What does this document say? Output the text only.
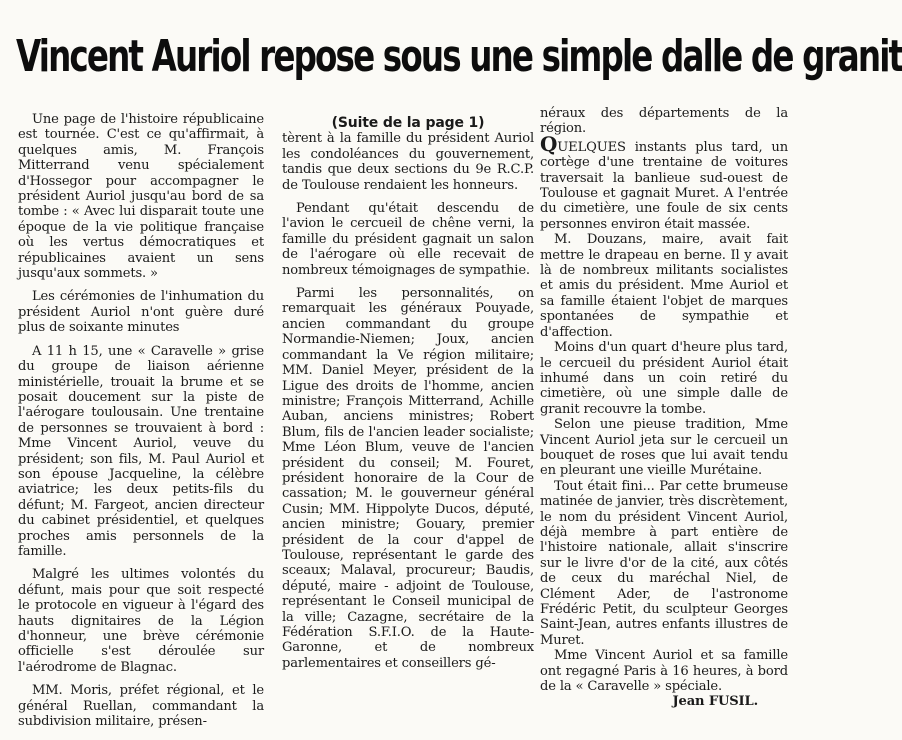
Vincent Auriol repose sous une simple dalle de granit

Une page de l'histoire républicaine est tournée. C'est ce qu'affirmait, à quelques amis, M. François Mitterrand venu spécialement d'Hossegor pour accompagner le président Auriol jusqu'au bord de sa tombe : « Avec lui disparait toute une époque de la vie politique française où les vertus démocratiques et républicaines avaient un sens jusqu'aux sommets. »

Les cérémonies de l'inhumation du président Auriol n'ont guère duré plus de soixante minutes

A 11 h 15, une « Caravelle » grise du groupe de liaison aérienne ministérielle, trouait la brume et se posait doucement sur la piste de l'aérogare toulousain. Une trentaine de personnes se trouvaient à bord : Mme Vincent Auriol, veuve du président; son fils, M. Paul Auriol et son épouse Jacqueline, la célèbre aviatrice; les deux petits-fils du défunt; M. Fargeot, ancien directeur du cabinet présidentiel, et quelques proches amis personnels de la famille.

Malgré les ultimes volontés du défunt, mais pour que soit respecté le protocole en vigueur à l'égard des hauts dignitaires de la Légion d'honneur, une brève cérémonie officielle s'est déroulée sur l'aérodrome de Blagnac.

MM. Moris, préfet régional, et le général Ruellan, commandant la subdivision militaire, présen-

(Suite de la page 1)

tèrent à la famille du président Auriol les condoléances du gouvernement, tandis que deux sections du 9e R.C.P. de Toulouse rendaient les honneurs.

Pendant qu'était descendu de l'avion le cercueil de chêne verni, la famille du président gagnait un salon de l'aérogare où elle recevait de nombreux témoignages de sympathie.

Parmi les personnalités, on remarquait les généraux Pouyade, ancien commandant du groupe Normandie-Niemen; Joux, ancien commandant la Ve région militaire; MM. Daniel Meyer, président de la Ligue des droits de l'homme, ancien ministre; François Mitterrand, Achille Auban, anciens ministres; Robert Blum, fils de l'ancien leader socialiste; Mme Léon Blum, veuve de l'ancien président du conseil; M. Fouret, président honoraire de la Cour de cassation; M. le gouverneur général Cusin; MM. Hippolyte Ducos, député, ancien ministre; Gouary, premier président de la cour d'appel de Toulouse, représentant le garde des sceaux; Malaval, procureur; Baudis, député, maire - adjoint de Toulouse, représentant le Conseil municipal de la ville; Cazagne, secrétaire de la Fédération S.F.I.O. de la Haute-Garonne, et de nombreux parlementaires et conseillers gé-

néraux des départements de la région.

QUELQUES instants plus tard, un cortège d'une trentaine de voitures traversait la banlieue sud-ouest de Toulouse et gagnait Muret. A l'entrée du cimetière, une foule de six cents personnes environ était massée.

M. Douzans, maire, avait fait mettre le drapeau en berne. Il y avait là de nombreux militants socialistes et amis du président. Mme Auriol et sa famille étaient l'objet de marques spontanées de sympathie et d'affection.

Moins d'un quart d'heure plus tard, le cercueil du président Auriol était inhumé dans un coin retiré du cimetière, où une simple dalle de granit recouvre la tombe.

Selon une pieuse tradition, Mme Vincent Auriol jeta sur le cercueil un bouquet de roses que lui avait tendu en pleurant une vieille Murétaine.

Tout était fini... Par cette brumeuse matinée de janvier, très discrètement, le nom du président Vincent Auriol, déjà membre à part entière de l'histoire nationale, allait s'inscrire sur le livre d'or de la cité, aux côtés de ceux du maréchal Niel, de Clément Ader, de l'astronome Frédéric Petit, du sculpteur Georges Saint-Jean, autres enfants illustres de Muret.

Mme Vincent Auriol et sa famille ont regagné Paris à 16 heures, à bord de la « Caravelle » spéciale.

Jean FUSIL.
